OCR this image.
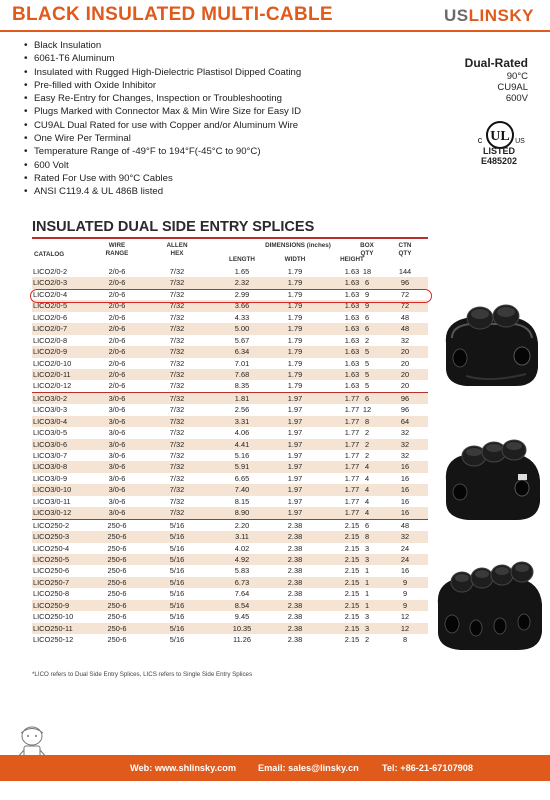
BLACK INSULATED MULTI-CABLE	USLINSKY
• Black Insulation
• 6061-T6 Aluminum
• Insulated with Rugged High-Dielectric Plastisol Dipped Coating
• Pre-filled with Oxide Inhibitor
• Easy Re-Entry for Changes, Inspection or Troubleshooting
• Plugs Marked with Connector Max & Min Wire Size for Easy ID
• CU9AL Dual Rated for use with Copper and/or Aluminum Wire
• One Wire Per Terminal
• Temperature Range of -49°F to 194°F(-45°C to 90°C)
• 600 Volt
• Rated For Use with 90°C Cables
• ANSI C119.4 & UL 486B listed
Dual-Rated
90°C
CU9AL
600V
UL
c	US
LISTED
E485202
INSULATED DUAL SIDE ENTRY SPLICES
CATALOG
WIRE
RANGE
ALLEN
HEX
DIMENSIONS (inches)
LENGTH	WIDTH	HEIGHT
BOX
QTY
CTN
QTY
LICO2/0-2	2/0-6	7/32	1.65	1.79	1.63 18	144
LICO2/0-3	2/0-6	7/32	2.32	1.79	1.63 6	96
LICO2/0-4	2/0-6	7/32	2.99	1.79	1.63 9	72
LICO2/0-5	2/0-6	7/32	3.66	1.79	1.63 9	72
LICO2/0-6	2/0-6	7/32	4.33	1.79	1.63 6	48
LICO2/0-7	2/0-6	7/32	5.00	1.79	1.63 6	48
LICO2/0-8	2/0-6	7/32	5.67	1.79	1.63 2	32
LICO2/0-9	2/0-6	7/32	6.34	1.79	1.63 5	20
LICO2/0-10	2/0-6	7/32	7.01	1.79	1.63 5	20
LICO2/0-11	2/0-6	7/32	7.68	1.79	1.63 5	20
LICO2/0-12	2/0-6	7/32	8.35	1.79	1.63 5	20
LICO3/0-2	3/0-6	7/32	1.81	1.97	1.77 6	96
LICO3/0-3	3/0-6	7/32	2.56	1.97	1.77 12	96
LICO3/0-4	3/0-6	7/32	3.31	1.97	1.77 8	64
LICO3/0-5	3/0-6	7/32	4.06	1.97	1.77 2	32
LICO3/0-6	3/0-6	7/32	4.41	1.97	1.77 2	32
LICO3/0-7	3/0-6	7/32	5.16	1.97	1.77 2	32
LICO3/0-8	3/0-6	7/32	5.91	1.97	1.77 4	16
LICO3/0-9	3/0-6	7/32	6.65	1.97	1.77 4	16
LICO3/0-10	3/0-6	7/32	7.40	1.97	1.77 4	16
LICO3/0-11	3/0-6	7/32	8.15	1.97	1.77 4	16
LICO3/0-12	3/0-6	7/32	8.90	1.97	1.77 4	16
LICO250-2	250-6	5/16	2.20	2.38	2.15 6	48
LICO250-3	250-6	5/16	3.11	2.38	2.15 8	32
LICO250-4	250-6	5/16	4.02	2.38	2.15 3	24
LICO250-5	250-6	5/16	4.92	2.38	2.15 3	24
LICO250-6	250-6	5/16	5.83	2.38	2.15 1	16
LICO250-7	250-6	5/16	6.73	2.38	2.15 1	9
LICO250-8	250-6	5/16	7.64	2.38	2.15 1	9
LICO250-9	250-6	5/16	8.54	2.38	2.15 1	9
LICO250-10	250-6	5/16	9.45	2.38	2.15 3	12
LICO250-11	250-6	5/16	10.35	2.38	2.15 3	12
LICO250-12	250-6	5/16	11.26	2.38	2.15 2	8
*LICO refers to Dual Side Entry Splices, LICS refers to Single Side Entry Splices
Web: www.shlinsky.com Email: sales@linsky.cn	Tel: +86-21-67107908
